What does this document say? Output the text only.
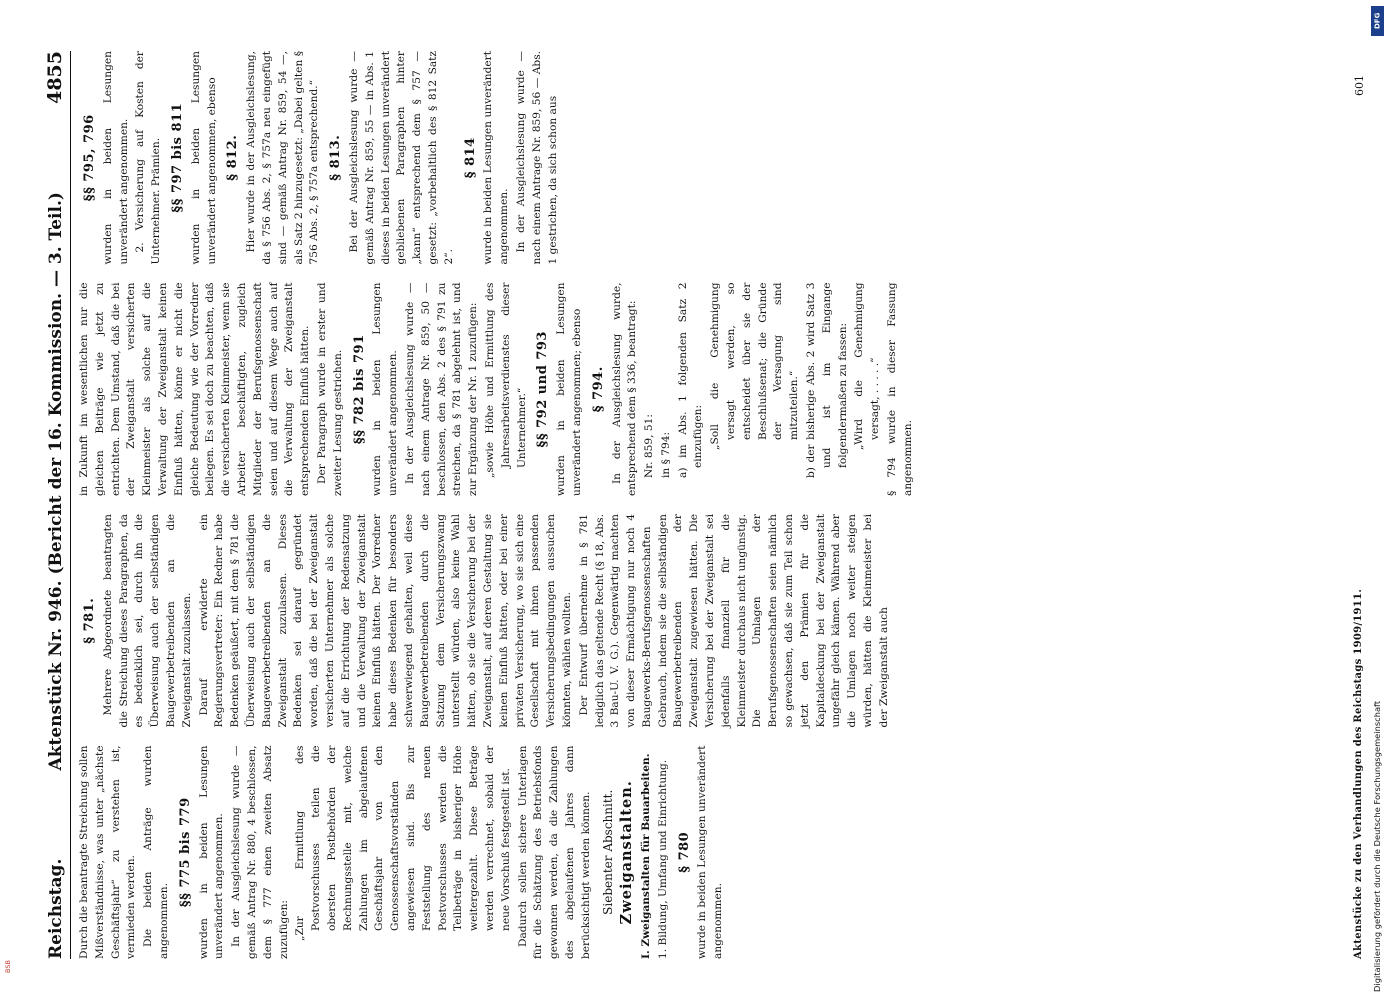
Reichstag.
Aktenstück Nr. 946. (Bericht der 16. Kommission. — 3. Teil.)
4855

Durch die beantragte Streichung sollen Mißverständnisse, was unter „nächste Geschäftsjahr“ zu verstehen ist, vermieden werden. Die beiden Anträge wurden angenommen.

§§ 775 bis 779 wurden in beiden Lesungen unverändert angenommen. In der Ausgleichslesung wurde — gemäß Antrag Nr. 880, 4 beschlossen, dem § 777 einen zweiten Absatz zuzufügen: „Zur Ermittlung des Postvorschusses teilen die obersten Postbehörden der Rechnungsstelle mit, welche Zahlungen im abgelaufenen Geschäftsjahr von den Genossenschaftsvorständen angewiesen sind. Bis zur Feststellung des neuen Postvorschusses werden die Teilbeträge in bisheriger Höhe weitergezahlt. Diese Beträge werden verrechnet, sobald der neue Vorschuß festgestellt ist. Dadurch sollen sichere Unterlagen für die Schätzung des Betriebsfonds gewonnen werden, da die Zahlungen des abgelaufenen Jahres dann berücksichtigt werden können. Siebenter Abschnitt. Zweiganstalten. I. Zweiganstalten für Bauarbeiten. 1. Bildung, Umfang und Einrichtung. § 780 wurde in beiden Lesungen unverändert angenommen.

§ 781. Mehrere Abgeordnete beantragten die Streichung dieses Paragraphen, da es bedenklich sei, durch ihn die Überweisung auch der selbständigen Baugewerbetreibenden an die Zweiganstalt zuzulassen. Darauf erwiderte ein Regierungsvertreter: Ein Redner habe Bedenken geäußert, mit dem § 781 die Überweisung auch der selbständigen Baugewerbetreibenden an die Zweiganstalt zuzulassen. Dieses Bedenken sei darauf gegründet worden, daß die bei der Zweiganstalt versicherten Unternehmer als solche auf die Errichtung der Redensatzung und die Verwaltung der Zweiganstalt keinen Einfluß hätten. Der Vorredner habe dieses Bedenken für besonders schwerwiegend gehalten, weil diese Baugewerbetreibenden durch die Satzung dem Versicherungszwang unterstellt würden, also keine Wahl hätten, ob sie die Versicherung bei der Zweiganstalt, auf deren Gestaltung sie keinen Einfluß hätten, oder bei einer privaten Versicherung, wo sie sich eine Gesellschaft mit ihnen passenden Versicherungsbedingungen aussuchen könnten, wählen wollten. Der Entwurf übernehme in § 781 lediglich das geltende Recht (§ 18, Abs. 3 Bau-U. V. G.). Gegenwärtig machten von dieser Ermächtigung nur noch 4 Baugewerks-Berufsgenossenschaften Gebrauch, indem sie die selbständigen Baugewerbetreibenden der Zweiganstalt zugewiesen hätten. Die Versicherung bei der Zweiganstalt sei jedenfalls finanziell für die Kleinmeister durchaus nicht ungünstig. Die Umlagen der Berufsgenossenschaften seien nämlich so gewachsen, daß sie zum Teil schon jetzt den Prämien für die Kapitaldeckung bei der Zweiganstalt ungefähr gleich kämen. Während aber die Umlagen noch weiter steigen würden, hätten die Kleinmeister bei der Zweiganstalt auch

in Zukunft im wesentlichen nur die gleichen Beiträge wie jetzt zu entrichten. Dem Umstand, daß die bei der Zweiganstalt versicherten Kleinmeister als solche auf die Verwaltung der Zweiganstalt keinen Einfluß hätten, könne er nicht die gleiche Bedeutung wie der Vorredner beilegen. Es sei doch zu beachten, daß die versicherten Kleinmeister, wenn sie Arbeiter beschäftigten, zugleich Mitglieder der Berufsgenossenschaft seien und auf diesem Wege auch auf die Verwaltung der Zweiganstalt entsprechenden Einfluß hätten. Der Paragraph wurde in erster und zweiter Lesung gestrichen. §§ 782 bis 791 wurden in beiden Lesungen unverändert angenommen. In der Ausgleichslesung wurde — nach einem Antrage Nr. 859, 50 — beschlossen, den Abs. 2 des § 791 zu streichen, da § 781 abgelehnt ist, und zur Ergänzung der Nr. 1 zuzufügen: „sowie Höhe und Ermittlung des Jahresarbeitsverdienstes dieser Unternehmer.“ §§ 792 und 793 wurden in beiden Lesungen unverändert angenommen; ebenso § 794. In der Ausgleichslesung wurde, entsprechend dem § 336, beantragt: Nr. 859, 51: in § 794: a) im Abs. 1 folgenden Satz 2 einzufügen: „Soll die Genehmigung versagt werden, so entscheidet über sie der Beschlußsenat; die Gründe der Versagung sind mitzuteilen.“ b) der bisherige Abs. 2 wird Satz 3 und ist im Eingange folgendermaßen zu fassen: „Wird die Genehmigung versagt, . . . . .“ § 794 wurde in dieser Fassung angenommen.

§§ 795, 796 wurden in beiden Lesungen unverändert angenommen. 2. Versicherung auf Kosten der Unternehmer. Prämien. §§ 797 bis 811 wurden in beiden Lesungen unverändert angenommen, ebenso § 812. Hier wurde in der Ausgleichslesung, da § 756 Abs. 2, § 757a neu eingefügt sind — gemäß Antrag Nr. 859, 54 —, als Satz 2 hinzugesetzt: „Dabei gelten § 756 Abs. 2, § 757a entsprechend.“ § 813. Bei der Ausgleichslesung wurde — gemäß Antrag Nr. 859, 55 — in Abs. 1 dieses in beiden Lesungen unverändert gebliebenen Paragraphen hinter „kann“ entsprechend dem § 757 — gesetzt: „vorbehaltlich des § 812 Satz 2“.

§ 814 wurde in beiden Lesungen unverändert angenommen. In der Ausgleichslesung wurde — nach einem Antrage Nr. 859, 56 — Abs. 1 gestrichen, da sich schon aus

Aktenstücke zu den Verhandlungen des Reichstags 1909/1911.
601
DFG
Digitalisierung gefördert durch die Deutsche Forschungsgemeinschaft
BSB
